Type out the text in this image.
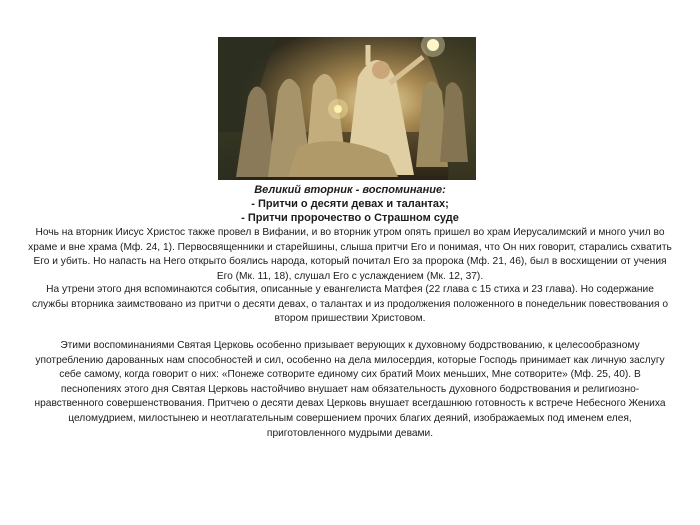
Великий вторник - воспоминание:
- Притчи о десяти девах и талантах;
- Притчи пророчество о Страшном суде

Ночь на вторник Иисус Христос также провел в Вифании, и во вторник утром опять пришел во храм Иерусалимский и много учил во храме и вне храма (Мф. 24, 1). Первосвященники и старейшины, слыша притчи Его и понимая, что Он них говорит, старались схватить Его и убить. Но напасть на Него открыто боялись народа, который почитал Его за пророка (Мф. 21, 46), был в восхищении от учения Его (Мк. 11, 18), слушал Его с услаждением (Мк. 12, 37).

На утрени этого дня вспоминаются события, описанные у евангелиста Матфея (22 глава с 15 стиха и 23 глава). Но содержание службы вторника заимствовано из притчи о десяти девах, о талантах и из продолжения положенного в понедельник повествования о втором пришествии Христовом.

Этими воспоминаниями Святая Церковь особенно призывает верующих к духовному бодрствованию, к целесообразному употреблению дарованных нам способностей и сил, особенно на дела милосердия, которые Господь принимает как личную заслугу себе самому, когда говорит о них: «Понеже сотворите единому сих братий Моих меньших, Мне сотворите» (Мф. 25, 40). В песнопениях этого дня Святая Церковь настойчиво внушает нам обязательность духовного бодрствования и религиозно-нравственного совершенствования. Притчею о десяти девах Церковь внушает всегдашнюю готовность к встрече Небесного Жениха целомудрием, милостынею и неотлагательным совершением прочих благих деяний, изображаемых под именем елея, приготовленного мудрыми девами.
